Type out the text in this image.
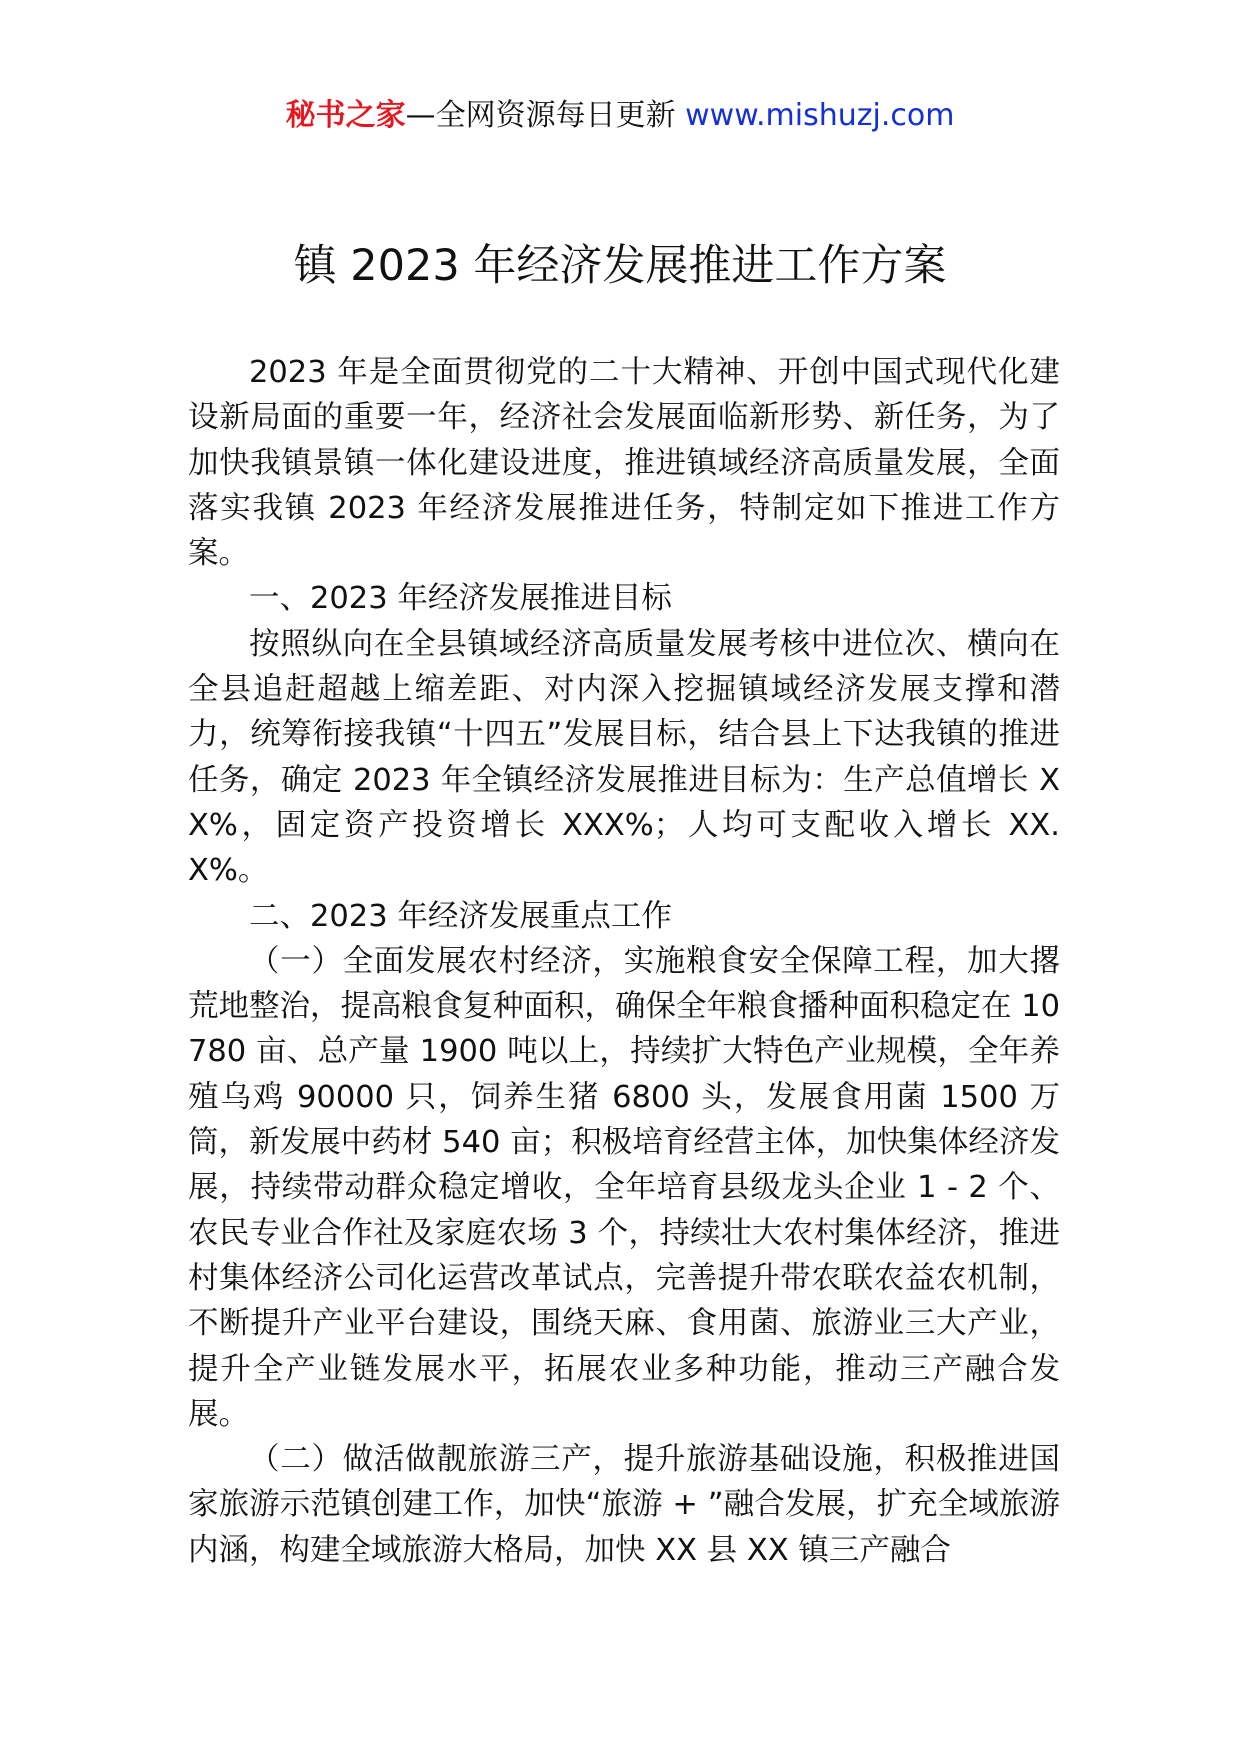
秘书之家—全网资源每日更新 www.mishuzj.com
镇 2023 年经济发展推进工作方案

2023 年是全面贯彻党的二十大精神、开创中国式现代化建设新局面的重要一年，经济社会发展面临新形势、新任务，为了加快我镇景镇一体化建设进度，推进镇域经济高质量发展，全面落实我镇 2023 年经济发展推进任务，特制定如下推进工作方案。

一、2023 年经济发展推进目标

按照纵向在全县镇域经济高质量发展考核中进位次、横向在全县追赶超越上缩差距、对内深入挖掘镇域经济发展支撑和潜力，统筹衔接我镇“十四五”发展目标，结合县上下达我镇的推进任务，确定 2023 年全镇经济发展推进目标为：生产总值增长 XX%，固定资产投资增长 XXX%；人均可支配收入增长 XX.X%。

二、2023 年经济发展重点工作

（一）全面发展农村经济，实施粮食安全保障工程，加大撂荒地整治，提高粮食复种面积，确保全年粮食播种面积稳定在 10780 亩、总产量 1900 吨以上，持续扩大特色产业规模，全年养殖乌鸡 90000 只，饲养生猪 6800 头，发展食用菌 1500 万筒，新发展中药材 540 亩；积极培育经营主体，加快集体经济发展，持续带动群众稳定增收，全年培育县级龙头企业 1 - 2 个、农民专业合作社及家庭农场 3 个，持续壮大农村集体经济，推进村集体经济公司化运营改革试点，完善提升带农联农益农机制，不断提升产业平台建设，围绕天麻、食用菌、旅游业三大产业，提升全产业链发展水平，拓展农业多种功能，推动三产融合发展。

（二）做活做靓旅游三产，提升旅游基础设施，积极推进国家旅游示范镇创建工作，加快“旅游 + ”融合发展，扩充全域旅游内涵，构建全域旅游大格局，加快 XX 县 XX 镇三产融合
